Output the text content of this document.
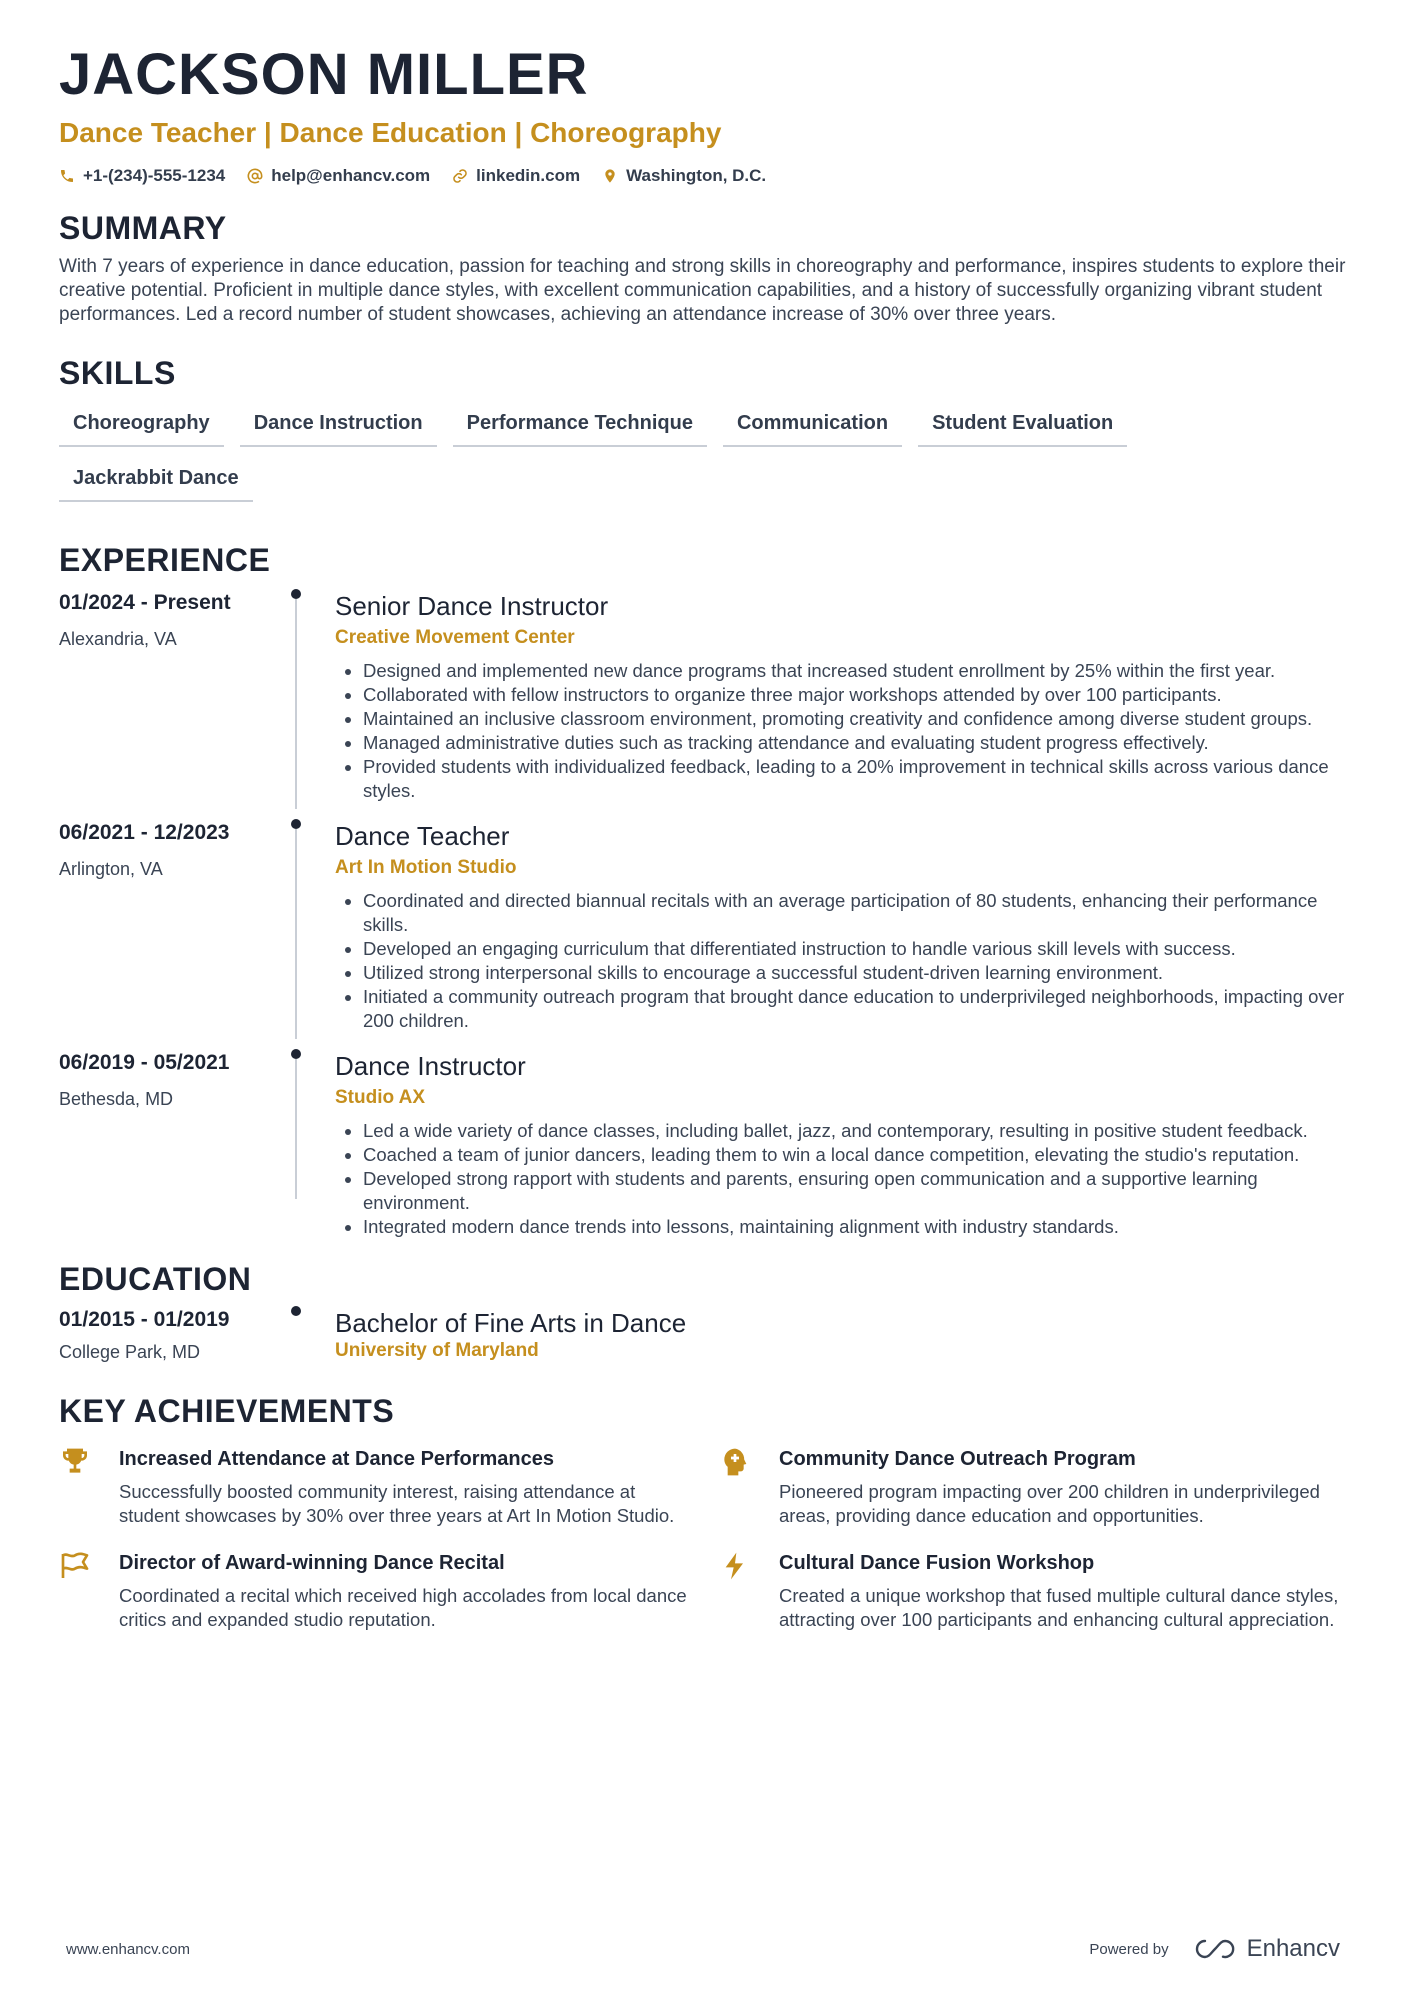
JACKSON MILLER
Dance Teacher | Dance Education | Choreography
+1-(234)-555-1234	help@enhancv.com	linkedin.com	Washington, D.C.
SUMMARY

With 7 years of experience in dance education, passion for teaching and strong skills in choreography and performance, inspires students to explore their creative potential. Proficient in multiple dance styles, with excellent communication capabilities, and a history of successfully organizing vibrant student performances. Led a record number of student showcases, achieving an attendance increase of 30% over three years.

SKILLS
Choreography	Dance Instruction	Performance Technique	Communication	Student Evaluation
Jackrabbit Dance
EXPERIENCE
01/2024 - Present
Alexandria, VA
Senior Dance Instructor
Creative Movement Center
• Designed and implemented new dance programs that increased student enrollment by 25% within the first year.
• Collaborated with fellow instructors to organize three major workshops attended by over 100 participants.
• Maintained an inclusive classroom environment, promoting creativity and confidence among diverse student groups.
• Managed administrative duties such as tracking attendance and evaluating student progress effectively.
• Provided students with individualized feedback, leading to a 20% improvement in technical skills across various dance styles.
06/2021 - 12/2023
Arlington, VA
Dance Teacher
Art In Motion Studio
• Coordinated and directed biannual recitals with an average participation of 80 students, enhancing their performance skills.
• Developed an engaging curriculum that differentiated instruction to handle various skill levels with success.
• Utilized strong interpersonal skills to encourage a successful student-driven learning environment.
• Initiated a community outreach program that brought dance education to underprivileged neighborhoods, impacting over 200 children.
06/2019 - 05/2021
Bethesda, MD
Dance Instructor
Studio AX
• Led a wide variety of dance classes, including ballet, jazz, and contemporary, resulting in positive student feedback.
• Coached a team of junior dancers, leading them to win a local dance competition, elevating the studio's reputation.
• Developed strong rapport with students and parents, ensuring open communication and a supportive learning environment.
• Integrated modern dance trends into lessons, maintaining alignment with industry standards.
EDUCATION
01/2015 - 01/2019
College Park, MD
Bachelor of Fine Arts in Dance
University of Maryland
KEY ACHIEVEMENTS
Increased Attendance at Dance Performances
Successfully boosted community interest, raising attendance at student showcases by 30% over three years at Art In Motion Studio.
Community Dance Outreach Program
Pioneered program impacting over 200 children in underprivileged areas, providing dance education and opportunities.
Director of Award-winning Dance Recital
Coordinated a recital which received high accolades from local dance critics and expanded studio reputation.
Cultural Dance Fusion Workshop
Created a unique workshop that fused multiple cultural dance styles, attracting over 100 participants and enhancing cultural appreciation.
www.enhancv.com	Powered by	Enhancv
